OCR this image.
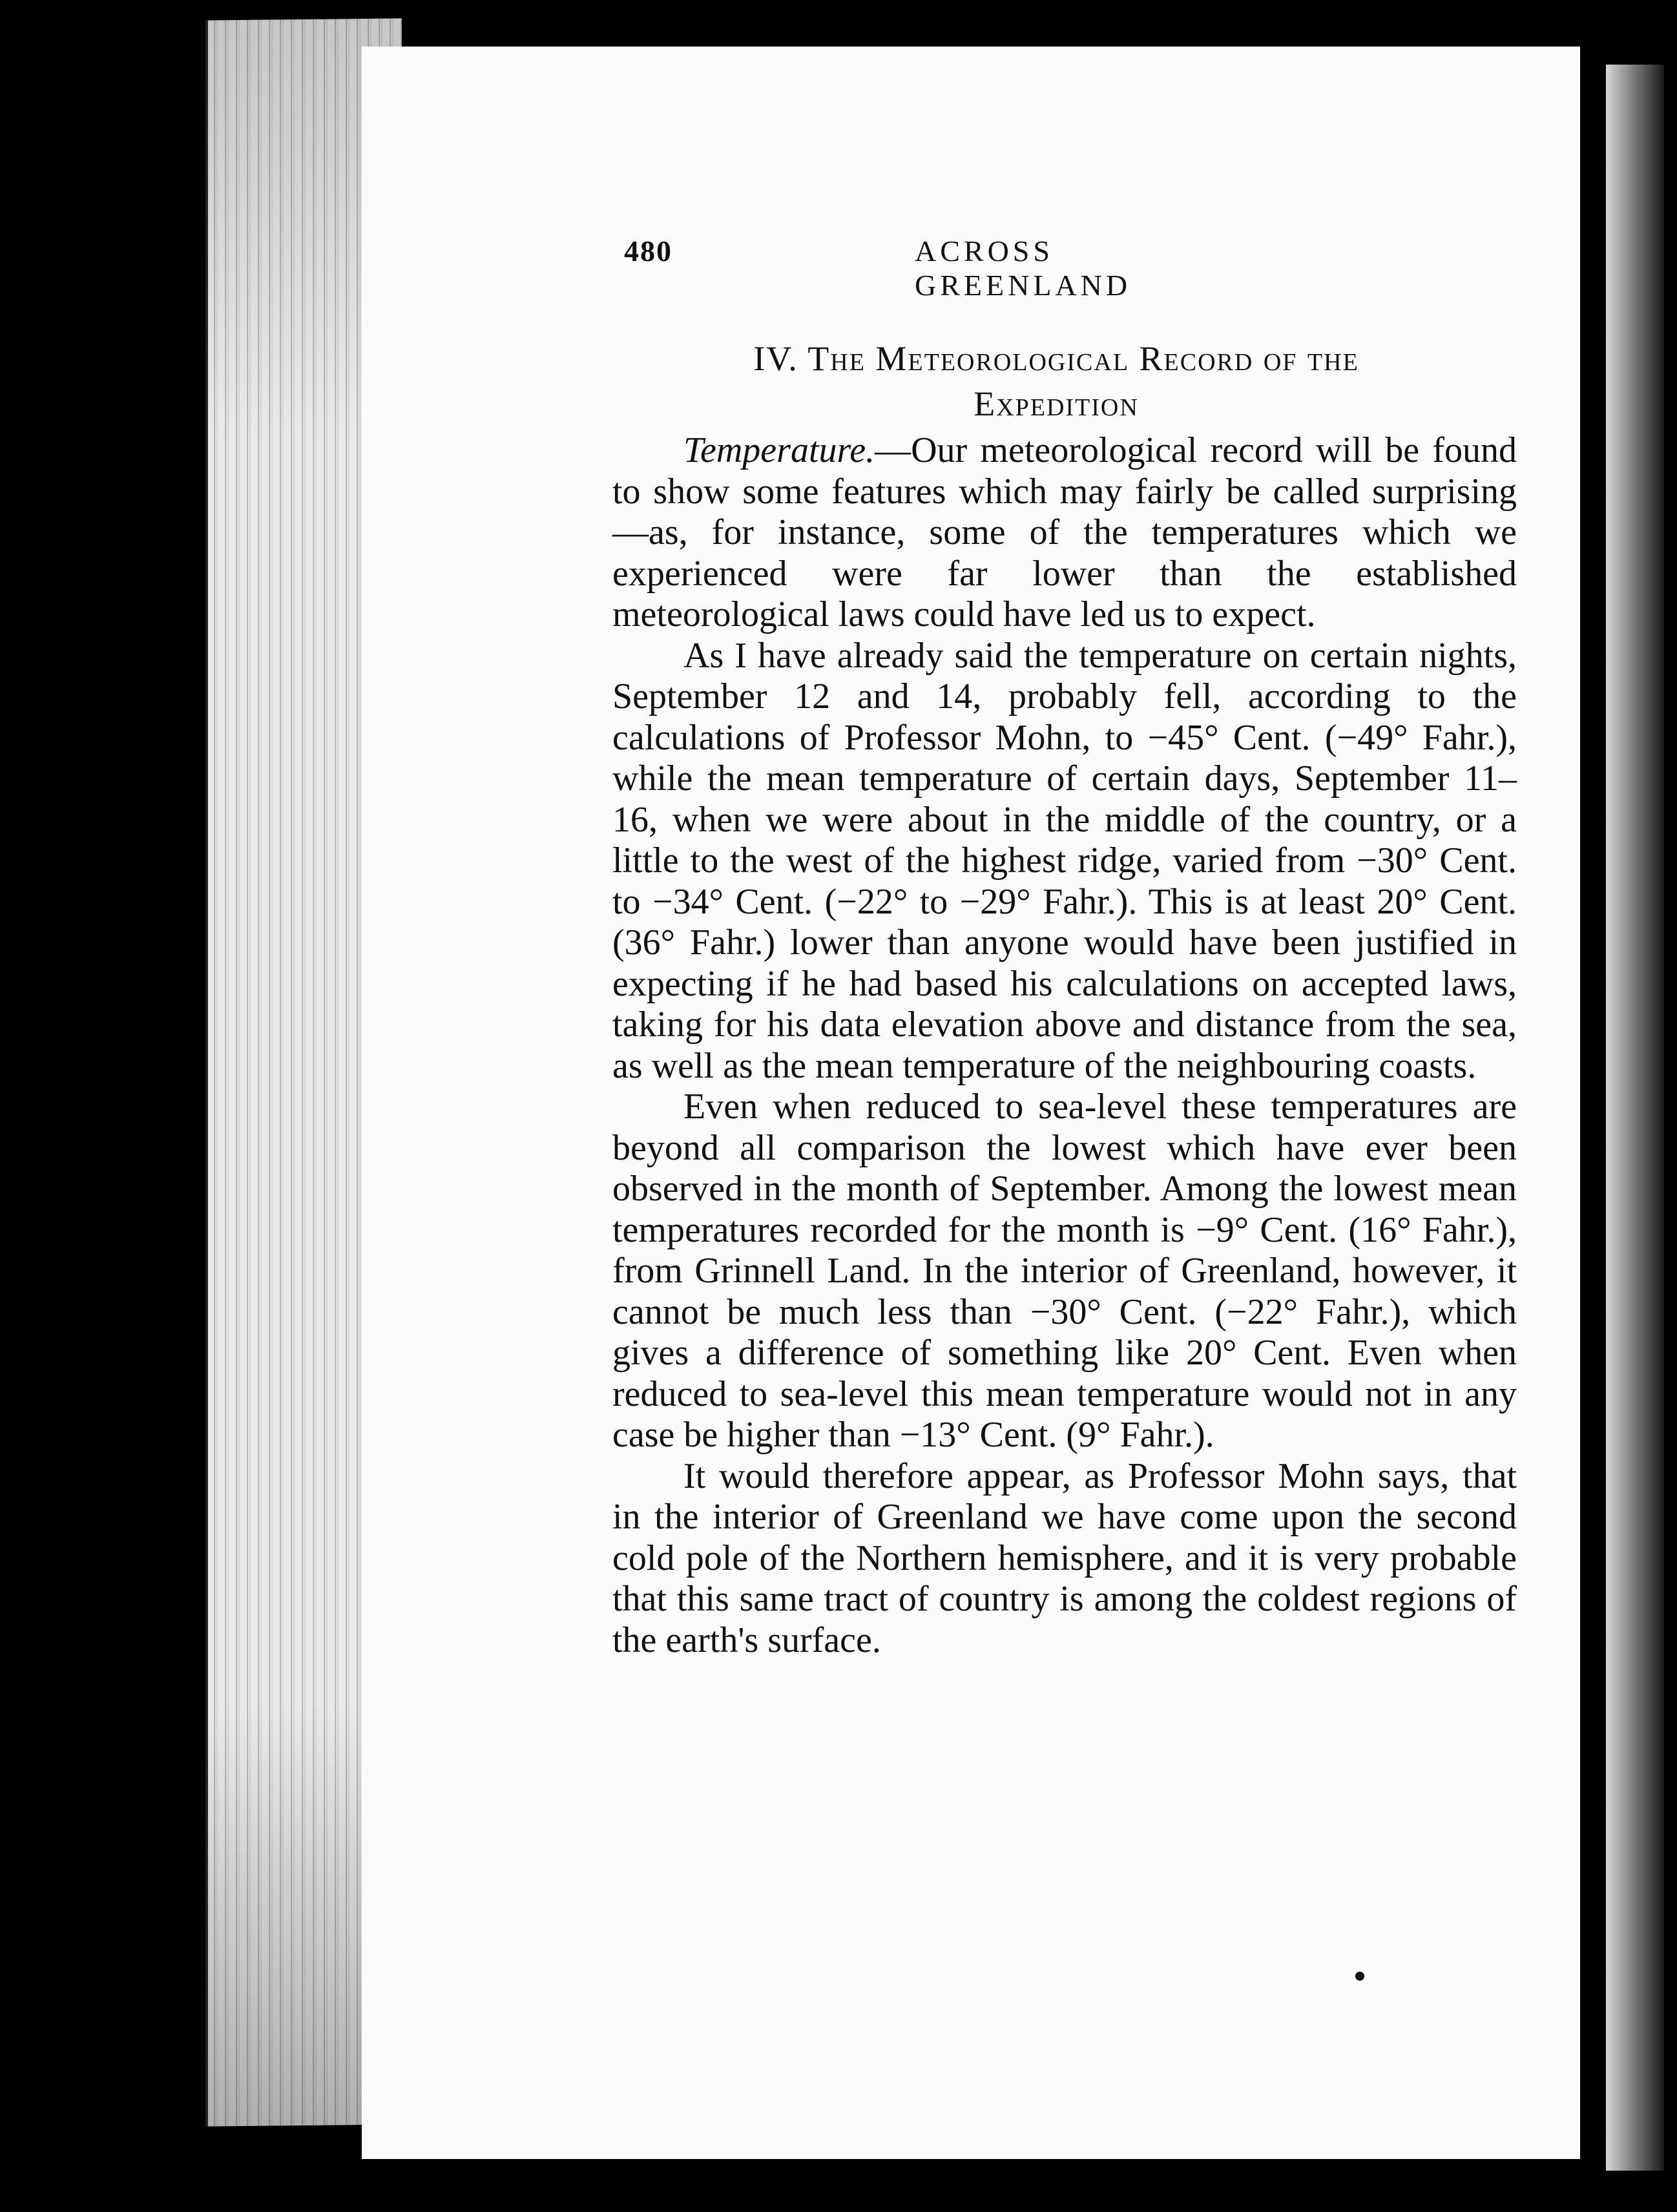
480	ACROSS GREENLAND
IV. The Meteorological Record of the
Expedition

Temperature.—Our meteorological record will be found to show some features which may fairly be called surprising—as, for instance, some of the temperatures which we experienced were far lower than the established meteorological laws could have led us to expect.

As I have already said the temperature on certain nights, September 12 and 14, probably fell, according to the calculations of Professor Mohn, to −45° Cent. (−49° Fahr.), while the mean temperature of certain days, September 11–16, when we were about in the middle of the country, or a little to the west of the highest ridge, varied from −30° Cent. to −34° Cent. (−22° to −29° Fahr.). This is at least 20° Cent. (36° Fahr.) lower than anyone would have been justified in expecting if he had based his calculations on accepted laws, taking for his data elevation above and distance from the sea, as well as the mean temperature of the neighbouring coasts.

Even when reduced to sea-level these temperatures are beyond all comparison the lowest which have ever been observed in the month of September. Among the lowest mean temperatures recorded for the month is −9° Cent. (16° Fahr.), from Grinnell Land. In the interior of Greenland, however, it cannot be much less than −30° Cent. (−22° Fahr.), which gives a difference of something like 20° Cent. Even when reduced to sea-level this mean temperature would not in any case be higher than −13° Cent. (9° Fahr.).

It would therefore appear, as Professor Mohn says, that in the interior of Greenland we have come upon the second cold pole of the Northern hemisphere, and it is very probable that this same tract of country is among the coldest regions of the earth's surface.
